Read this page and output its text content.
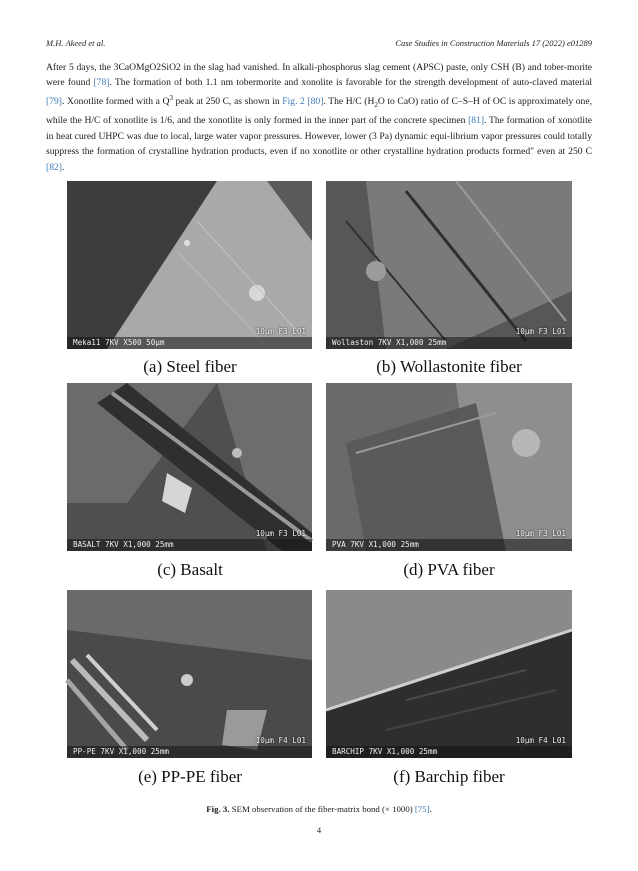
M.H. Akeed et al.	Case Studies in Construction Materials 17 (2022) e01289
After 5 days, the 3CaOMgO2SiO2 in the slag had vanished. In alkali-phosphorus slag cement (APSC) paste, only CSH (B) and tober-morite were found [78]. The formation of both 1.1 nm tobermorite and xonolite is favorable for the strength development of auto-claved material [79]. Xonotlite formed with a $Q^3$ peak at 250 C, as shown in Fig. 2 [80]. The H/C ($H_2O$ to CaO) ratio of C–S–H of OC is approximately one, while the H/C of xonotlite is 1/6, and the xonotlite is only formed in the inner part of the concrete specimen [81]. The formation of xonotlite in heat cured UHPC was due to local, large water vapor pressures. However, lower (3 Pa) dynamic equi-librium vapor pressures could totally suppress the formation of crystalline hydration products, even if no xonotlite or other crystalline hydration products formed" even at 250 C [82].
Meka11 7KV X500 50μm
10μm F3 L01
(a) Steel fiber
Wollaston 7KV X1,000 25mm
10μm F3 L01
(b) Wollastonite fiber
BASALT 7KV X1,000 25mm
10μm F3 L01
(c) Basalt
PVA 7KV X1,000 25mm
10μm F3 L01
(d) PVA fiber
PP-PE 7KV X1,000 25mm
10μm F4 L01
(e) PP-PE fiber
BARCHIP 7KV X1,000 25mm
10μm F4 L01
(f) Barchip fiber
Fig. 3. SEM observation of the fiber-matrix bond (× 1000) [75].
4
